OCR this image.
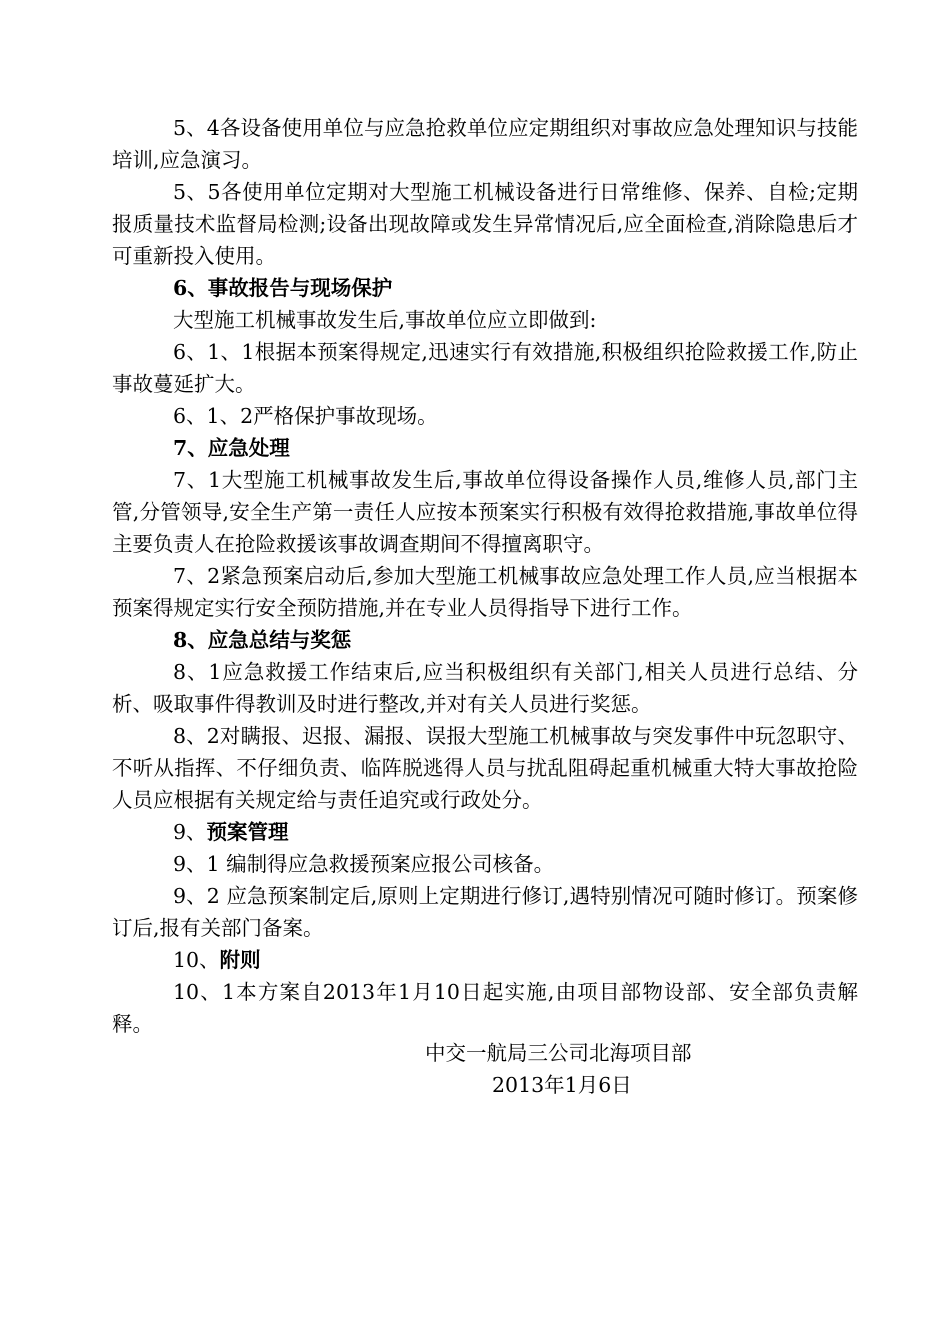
5、4各设备使用单位与应急抢救单位应定期组织对事故应急处理知识与技能培训,应急演习。

5、5各使用单位定期对大型施工机械设备进行日常维修、保养、自检;定期报质量技术监督局检测;设备出现故障或发生异常情况后,应全面检查,消除隐患后才可重新投入使用。

6、事故报告与现场保护

大型施工机械事故发生后,事故单位应立即做到:

6、1、1根据本预案得规定,迅速实行有效措施,积极组织抢险救援工作,防止事故蔓延扩大。

6、1、2严格保护事故现场。

7、应急处理

7、1大型施工机械事故发生后,事故单位得设备操作人员,维修人员,部门主管,分管领导,安全生产第一责任人应按本预案实行积极有效得抢救措施,事故单位得主要负责人在抢险救援该事故调查期间不得擅离职守。

7、2紧急预案启动后,参加大型施工机械事故应急处理工作人员,应当根据本预案得规定实行安全预防措施,并在专业人员得指导下进行工作。

8、应急总结与奖惩

8、1应急救援工作结束后,应当积极组织有关部门,相关人员进行总结、分析、吸取事件得教训及时进行整改,并对有关人员进行奖惩。

8、2对瞒报、迟报、漏报、误报大型施工机械事故与突发事件中玩忽职守、不听从指挥、不仔细负责、临阵脱逃得人员与扰乱阻碍起重机械重大特大事故抢险人员应根据有关规定给与责任追究或行政处分。

9、预案管理

9、1 编制得应急救援预案应报公司核备。

9、2 应急预案制定后,原则上定期进行修订,遇特别情况可随时修订。预案修订后,报有关部门备案。

10、附则

10、1本方案自2013年1月10日起实施,由项目部物设部、安全部负责解释。

中交一航局三公司北海项目部
2013年1月6日
